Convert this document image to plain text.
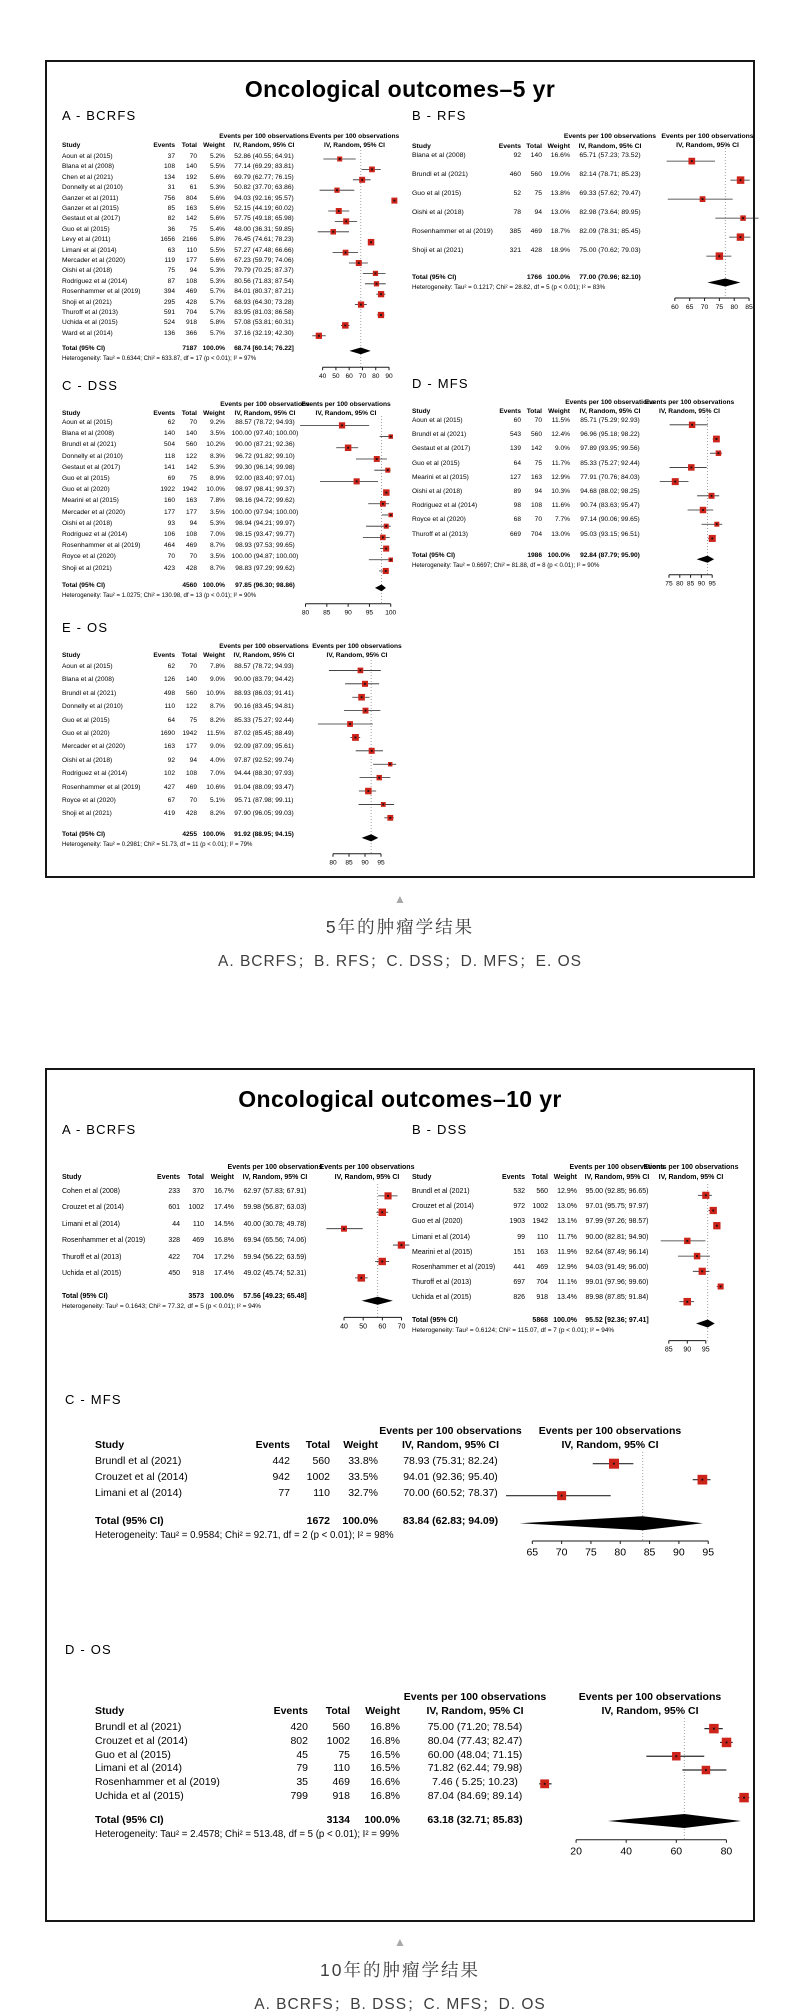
Oncological outcomes–5 yr
A - BCRFS
Events per 100 observations Events per 100 observations
IV, Random, 95% CI
Study	Events	Total Weight	IV, Random, 95% CI
Aoun et al (2015)	37	70	5.2%	52.86 (40.55; 64.91)
Blana et al (2008)	108	140	5.5%	77.14 (69.29; 83.81)
Chen et al (2021)	134	192	5.6%	69.79 (62.77; 76.15)
Donnelly et al (2010)	31	61	5.3%	50.82 (37.70; 63.86)
Ganzer et al (2011)	756	804	5.6%	94.03 (92.16; 95.57)
Ganzer et al (2015)	85	163	5.6%	52.15 (44.19; 60.02)
Gestaut et al (2017)	82	142	5.6%	57.75 (49.18; 65.98)
Guo et al (2015)	36	75	5.4%	48.00 (36.31; 59.85)
Levy et al (2011)	1656	2166	5.8%	76.45 (74.61; 78.23)
Limani et al (2014)	63	110	5.5%	57.27 (47.48; 66.66)
Mercader et al (2020)	119	177	5.6%	67.23 (59.79; 74.06)
Oishi et al (2018)	75	94	5.3%	79.79 (70.25; 87.37)
Rodriguez et al (2014)	87	108	5.3%	80.56 (71.83; 87.54)
Rosenhammer et al (2019)	394	469	5.7%	84.01 (80.37; 87.21)
Shoji et al (2021)	295	428	5.7%	68.93 (64.30; 73.28)
Thuroff et al (2013)	591	704	5.7%	83.95 (81.03; 86.58)
Uchida et al (2015)	524	918	5.8%	57.08 (53.81; 60.31)
Ward et al (2014)	136	366	5.7%	37.16 (32.19; 42.30)
Total (95% CI)	7187 100.0%	68.74 [60.14; 76.22]
Heterogeneity: Tau² = 0.6344; Chi² = 633.87, df = 17 (p < 0.01); I² = 97%
40 50 60 70 80 90
B - RFS
Events per 100 observations Events per 100 observations
IV, Random, 95% CI
Study	Events Total Weight	IV, Random, 95% CI
Blana et al (2008)	92	140	16.6%	65.71 (57.23; 73.52)
Brundl et al (2021)	460	560	19.0%	82.14 (78.71; 85.23)
Guo et al (2015)	52	75	13.8%	69.33 (57.62; 79.47)
Oishi et al (2018)	78	94	13.0%	82.98 (73.64; 89.95)
Rosenhammer et al (2019)	385	469	18.7%	82.09 (78.31; 85.45)
Shoji et al (2021)	321	428	18.9%	75.00 (70.62; 79.03)
Total (95% CI)	1766 100.0%	77.00 (70.96; 82.10)
Heterogeneity: Tau² = 0.1217; Chi² = 28.82, df = 5 (p < 0.01); I² = 83%
60 65 70 75 80 85
C - DSS
Events per 100 observations
Events per 100 observations
IV, Random, 95% CI
Study	Events	Total Weight	IV, Random, 95% CI
Aoun et al (2015)	62	70	9.2%	88.57 (78.72; 94.93)
Blana et al (2008)	140	140	3.5%	100.00 (97.40; 100.00)
Brundl et al (2021)	504	560	10.2%	90.00 (87.21; 92.36)
Donnelly et al (2010)	118	122	8.3%	96.72 (91.82; 99.10)
Gestaut et al (2017)	141	142	5.3%	99.30 (96.14; 99.98)
Guo et al (2015)	69	75	8.9%	92.00 (83.40; 97.01)
Guo et al (2020)	1922	1942	10.0%	98.97 (98.41; 99.37)
Mearini et al (2015)	160	163	7.8%	98.16 (94.72; 99.62)
Mercader et al (2020)	177	177	3.5%	100.00 (97.94; 100.00)
Oishi et al (2018)	93	94	5.3%	98.94 (94.21; 99.97)
Rodriguez et al (2014)	106	108	7.0%	98.15 (93.47; 99.77)
Rosenhammer et al (2019)	464	469	8.7%	98.93 (97.53; 99.65)
Royce et al (2020)	70	70	3.5%	100.00 (94.87; 100.00)
Shoji et al (2021)	423	428	8.7%	98.83 (97.29; 99.62)
Total (95% CI)	4560 100.0%	97.85 (96.30; 98.86)
Heterogeneity: Tau² = 1.0275; Chi² = 130.98, df = 13 (p < 0.01); I² = 90%
80 85 90 95 100
D - MFS
Events per 100 observations
Events per 100 observations
IV, Random, 95% CI
Study	Events Total Weight	IV, Random, 95% CI
Aoun et al (2015)	60	70	11.5%	85.71 (75.29; 92.93)
Brundl et al (2021)	543	560	12.4%	96.96 (95.18; 98.22)
Gestaut et al (2017)	139	142	9.0%	97.89 (93.95; 99.56)
Guo et al (2015)	64	75	11.7%	85.33 (75.27; 92.44)
Mearini et al (2015)	127	163	12.9%	77.91 (70.76; 84.03)
Oishi et al (2018)	89	94	10.3%	94.68 (88.02; 98.25)
Rodriguez et al (2014)	98	108	11.6%	90.74 (83.63; 95.47)
Royce et al (2020)	68	70	7.7%	97.14 (90.06; 99.65)
Thuroff et al (2013)	669	704	13.0%	95.03 (93.15; 96.51)
Total (95% CI)	1986 100.0%	92.84 (87.79; 95.90)
Heterogeneity: Tau² = 0.6697; Chi² = 81.88, df = 8 (p < 0.01); I² = 90%
75 80 85 90 95
E - OS
Events per 100 observations Events per 100 observations
IV, Random, 95% CI
Study	Events	Total Weight	IV, Random, 95% CI
Aoun et al (2015)	62	70	7.8%	88.57 (78.72; 94.93)
Blana et al (2008)	126	140	9.0%	90.00 (83.79; 94.42)
Brundl et al (2021)	498	560	10.9%	88.93 (86.03; 91.41)
Donnelly et al (2010)	110	122	8.7%	90.16 (83.45; 94.81)
Guo et al (2015)	64	75	8.2%	85.33 (75.27; 92.44)
Guo et al (2020)	1690	1942	11.5%	87.02 (85.45; 88.49)
Mercader et al (2020)	163	177	9.0%	92.09 (87.09; 95.61)
Oishi et al (2018)	92	94	4.0%	97.87 (92.52; 99.74)
Rodriguez et al (2014)	102	108	7.0%	94.44 (88.30; 97.93)
Rosenhammer et al (2019)	427	469	10.6%	91.04 (88.09; 93.47)
Royce et al (2020)	67	70	5.1%	95.71 (87.98; 99.11)
Shoji et al (2021)	419	428	8.2%	97.90 (96.05; 99.03)
Total (95% CI)	4255 100.0%	91.92 (88.95; 94.15)
Heterogeneity: Tau² = 0.2981; Chi² = 51.73, df = 11 (p < 0.01); I² = 79%
80 85 90 95
▲
5年的肿瘤学结果
A. BCRFS；B. RFS；C. DSS；D. MFS；E. OS
Oncological outcomes–10 yr
A - BCRFS
Events per 100 observations
Events per 100 observations
IV, Random, 95% CI
Study	Events	Total Weight	IV, Random, 95% CI
Cohen et al (2008)	233	370	16.7%	62.97 (57.83; 67.91)
Crouzet et al (2014)	601	1002	17.4%	59.98 (56.87; 63.03)
Limani et al (2014)	44	110	14.5%	40.00 (30.78; 49.78)
Rosenhammer et al (2019)	328	469	16.8%	69.94 (65.56; 74.06)
Thuroff et al (2013)	422	704	17.2%	59.94 (56.22; 63.59)
Uchida et al (2015)	450	918	17.4%	49.02 (45.74; 52.31)
Total (95% CI)	3573 100.0%	57.56 [49.23; 65.48]
Heterogeneity: Tau² = 0.1643; Chi² = 77.32, df = 5 (p < 0.01); I² = 94%
40 50 60 70
B - DSS
Events per 100 observations
Events per 100 observations
IV, Random, 95% CI
Study	Events Total Weight	IV, Random, 95% CI
Brundl et al (2021)	532	560	12.9%	95.00 (92.85; 96.65)
Crouzet et al (2014)	972	1002	13.0%	97.01 (95.75; 97.97)
Guo et al (2020)	1903	1942	13.1%	97.99 (97.26; 98.57)
Limani et al (2014)	99	110	11.7%	90.00 (82.81; 94.90)
Mearini et al (2015)	151	163	11.9%	92.64 (87.49; 96.14)
Rosenhammer et al (2019)	441	469	12.9%	94.03 (91.49; 96.00)
Thuroff et al (2013)	697	704	11.1%	99.01 (97.96; 99.60)
Uchida et al (2015)	826	918	13.4%	89.98 (87.85; 91.84)
Total (95% CI)	5868 100.0%	95.52 [92.36; 97.41]
Heterogeneity: Tau² = 0.6124; Chi² = 115.07, df = 7 (p < 0.01); I² = 94%
85 90 95
C - MFS
Events per 100 observations	Events per 100 observations
IV, Random, 95% CI
Study	Events	Total	Weight	IV, Random, 95% CI
Brundl et al (2021)	442	560	33.8%	78.93 (75.31; 82.24)
Crouzet et al (2014)	942	1002	33.5%	94.01 (92.36; 95.40)
Limani et al (2014)	77	110	32.7%	70.00 (60.52; 78.37)
Total (95% CI)	1672	100.0%	83.84 (62.83; 94.09)
Heterogeneity: Tau² = 0.9584; Chi² = 92.71, df = 2 (p < 0.01); I² = 98%
65 70 75 80 85 90 95
D - OS
Events per 100 observations	Events per 100 observations
IV, Random, 95% CI
Study	Events	Total	Weight	IV, Random, 95% CI
Brundl et al (2021)	420	560	16.8%	75.00 (71.20; 78.54)
Crouzet et al (2014)	802	1002	16.8%	80.04 (77.43; 82.47)
Guo et al (2015)	45	75	16.5%	60.00 (48.04; 71.15)
Limani et al (2014)	79	110	16.5%	71.82 (62.44; 79.98)
Rosenhammer et al (2019)	35	469	16.6%	7.46 ( 5.25; 10.23)
Uchida et al (2015)	799	918	16.8%	87.04 (84.69; 89.14)
Total (95% CI)	3134	100.0%	63.18 (32.71; 85.83)
Heterogeneity: Tau² = 2.4578; Chi² = 513.48, df = 5 (p < 0.01); I² = 99%
20	40	60	80
▲
10年的肿瘤学结果
A. BCRFS；B. DSS；C. MFS；D. OS
